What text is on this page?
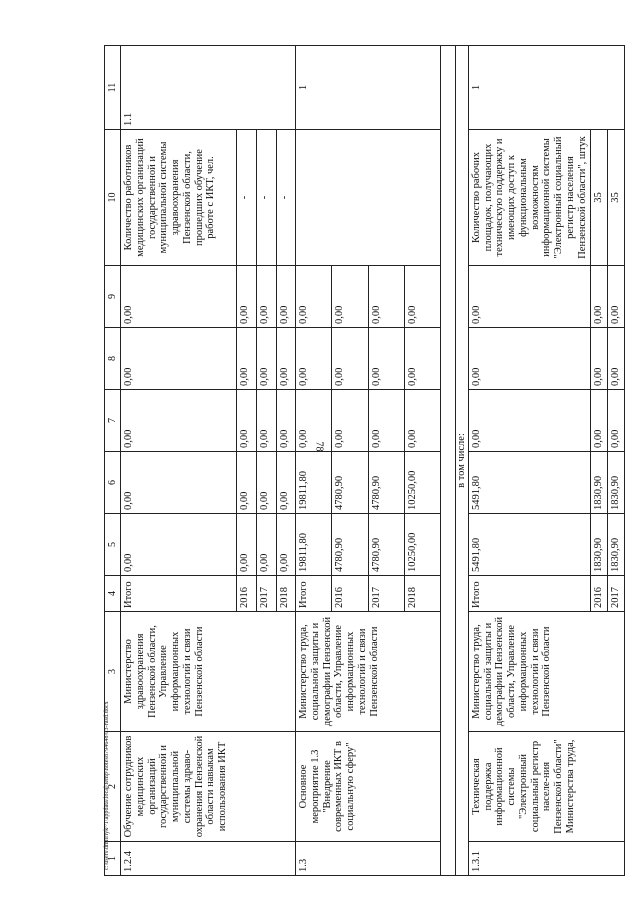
78
c:\users\dmitriyk~1\appdata\local\temp\notes8794648\03-rasd.docx
1	2	3	4	5	6	7	8	9	10	11
1.2.4	Обучение сотрудников медицинских организаций государственной и муниципальной системы здраво-охранения Пензенской области навыкам использования ИКТ	Министерство здравоохранения Пензенской области, Управление информационных технологий и связи Пензенской области	Итого	0,00	0,00	0,00	0,00	0,00	Количество работников медицинских организаций государственной и муниципальной системы здравоохранения Пензенской области, прошедших обучение работе с ИКТ, чел.	1.1
			2016	0,00	0,00	0,00	0,00	0,00	-	
			2017	0,00	0,00	0,00	0,00	0,00	-	
			2018	0,00	0,00	0,00	0,00	0,00	-	
1.3	Основное мероприятие 1.3 "Внедрение современных ИКТ в социальную сферу"	Министерство труда, социальной защиты и демографии Пензенской области, Управление информационных технологий и связи Пензенской области	Итого	19811,80	19811,80	0,00	0,00	0,00		1
			2016	4780,90	4780,90	0,00	0,00	0,00		
			2017	4780,90	4780,90	0,00	0,00	0,00		
			2018	10250,00	10250,00	0,00	0,00	0,00		

в том числе:										
1.3.1	Техническая поддержка информационной системы "Электронный социальный регистр населе-ния Пензенской области" Министерства труда,	Министерство труда, социальной защиты и демографии Пензенской области, Управление информационных технологий и связи Пензенской области	Итого	5491,80	5491,80	0,00	0,00	0,00	Количество рабочих площадок, получающих техническую поддержку и имеющих доступ к функциональным возможностям информационной системы "Электронный социальный регистр населения Пензенской области", штук	1
			2016	1830,90	1830,90	0,00	0,00	0,00	35	
			2017	1830,90	1830,90	0,00	0,00	0,00	35	
